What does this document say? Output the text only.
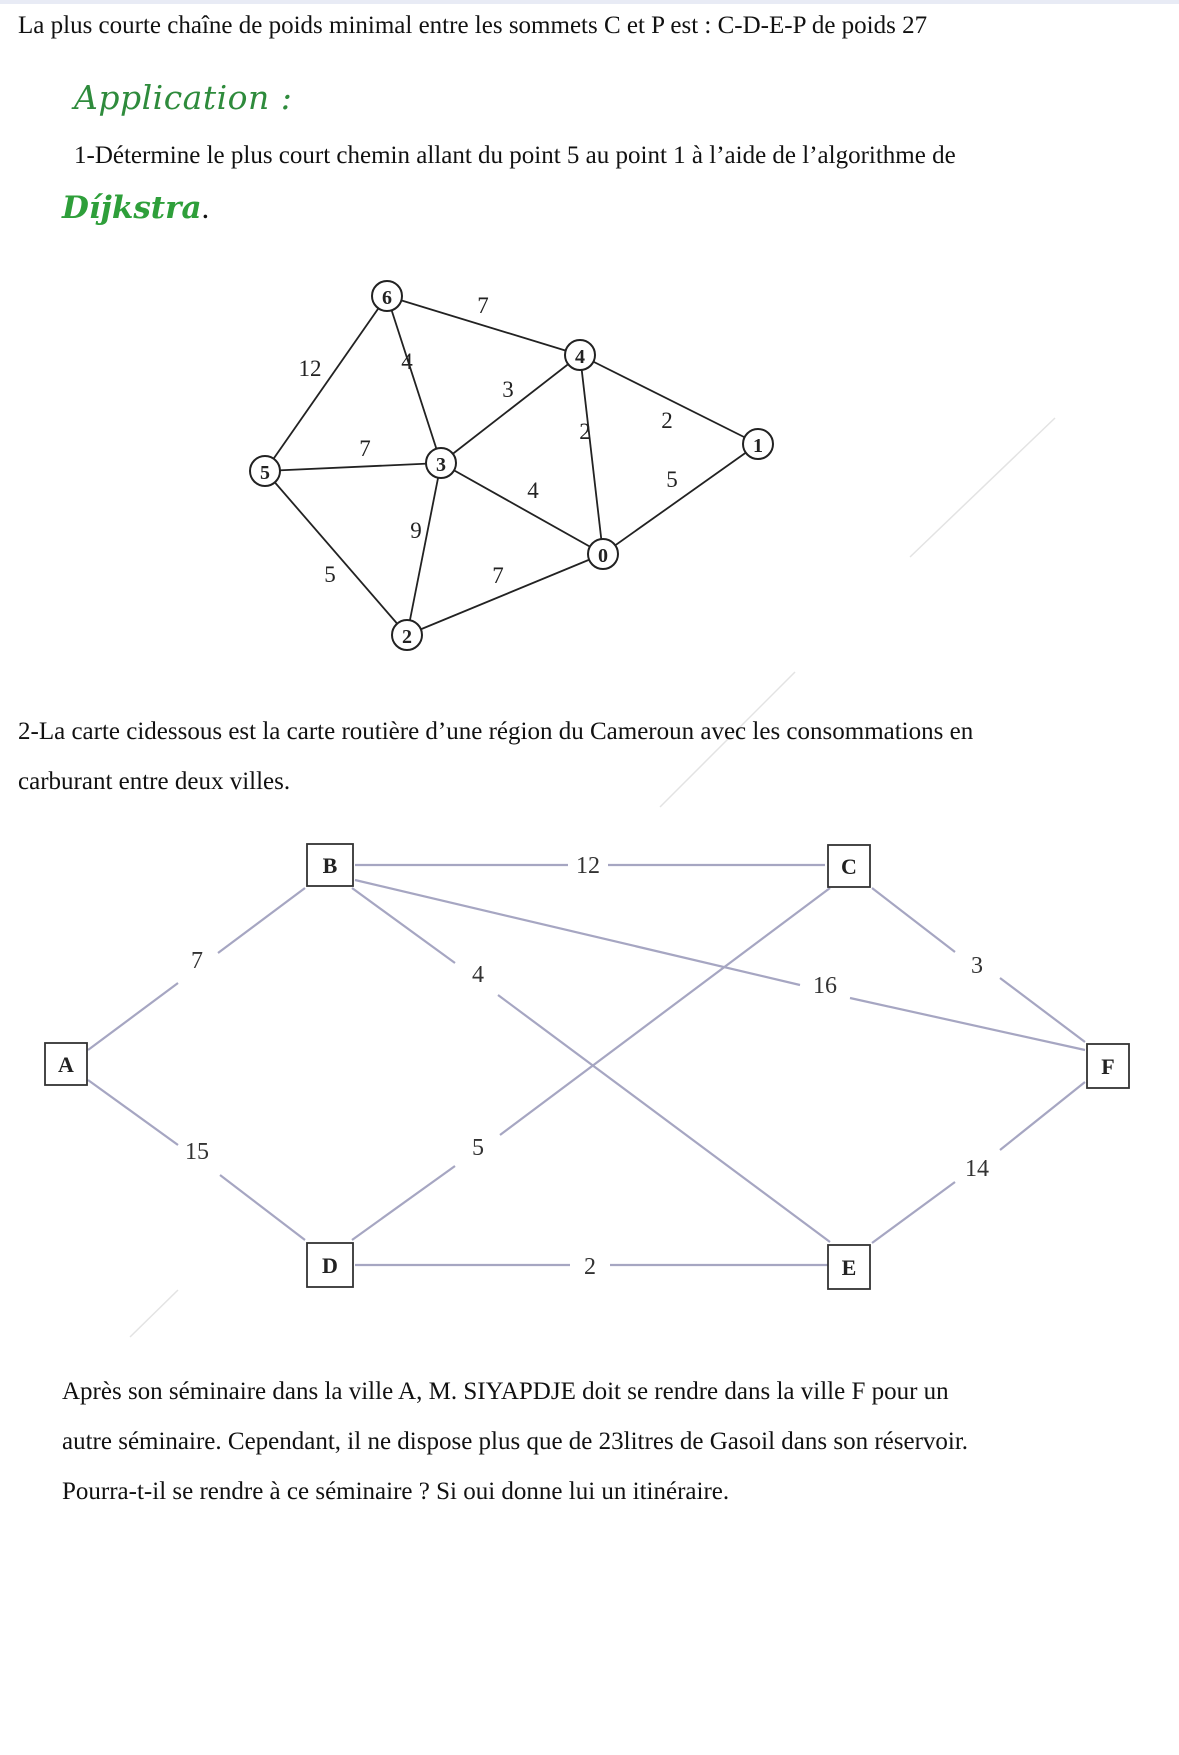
La plus courte chaîne de poids minimal entre les sommets C et P est : C-D-E-P de poids 27
Application :
1-Détermine le plus court chemin allant du point 5 au point 1 à l’aide de l’algorithme de
Díjkstra.
7
12	4
3
2	2
7
4	5
9
5	7
6
4
1
5	3
0
2
2-La carte cidessous est la carte routière d’une région du Cameroun avec les consommations en
carburant entre deux villes.
7
15
12
4	16
3
5
2
14
A
B	C
D	E
F
Après son séminaire dans la ville A, M. SIYAPDJE doit se rendre dans la ville F pour un
autre séminaire. Cependant, il ne dispose plus que de 23litres de Gasoil dans son réservoir.
Pourra-t-il se rendre à ce séminaire ? Si oui donne lui un itinéraire.
